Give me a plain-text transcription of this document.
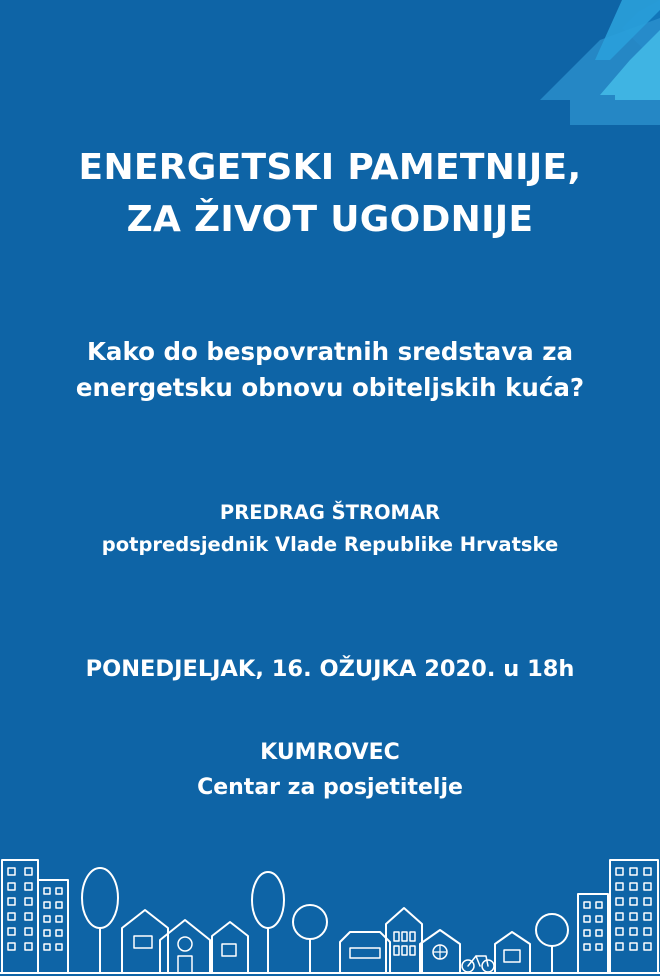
ENERGETSKI PAMETNIJE,
ZA ŽIVOT UGODNIJE
Kako do bespovratnih sredstava za
energetsku obnovu obiteljskih kuća?
PREDRAG ŠTROMAR
potpredsjednik Vlade Republike Hrvatske
PONEDJELJAK, 16. OŽUJKA 2020. u 18h
KUMROVEC
Centar za posjetitelje
